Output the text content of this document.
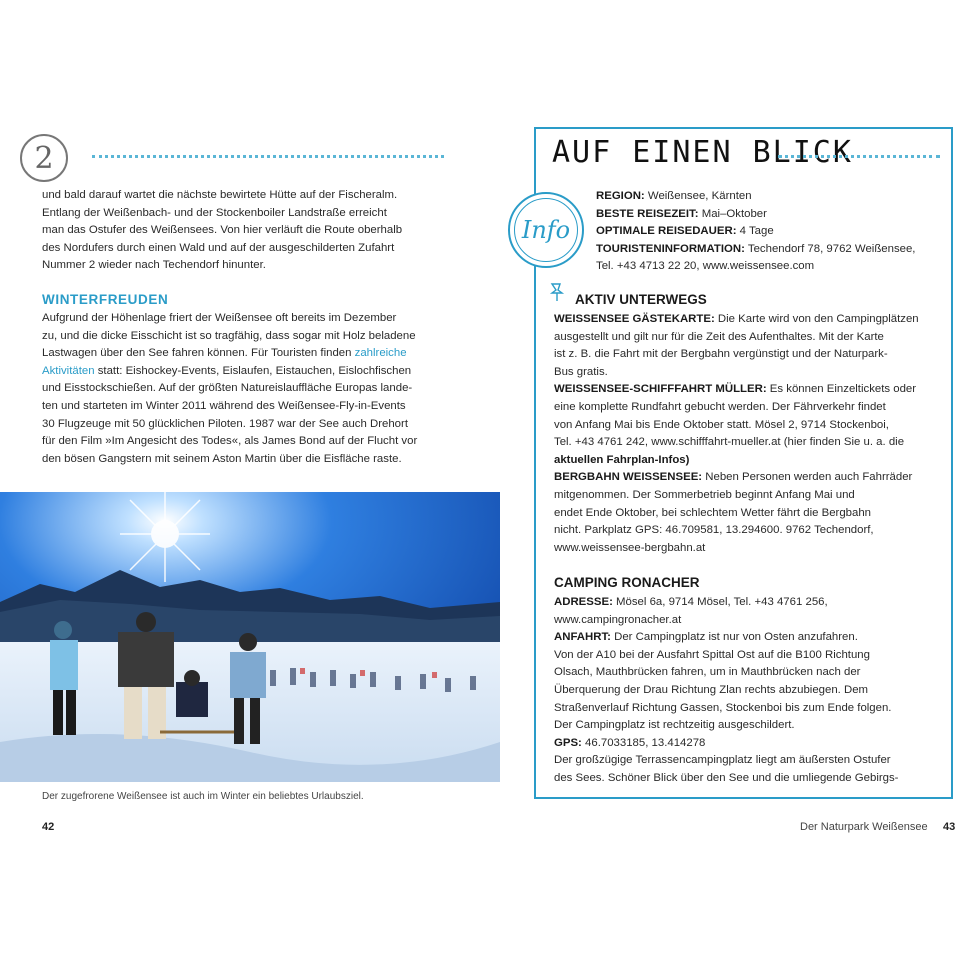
2

und bald darauf wartet die nächste bewirtete Hütte auf der Fischeralm.

Entlang der Weißenbach- und der Stockenboiler Landstraße erreicht

man das Ostufer des Weißensees. Von hier verläuft die Route oberhalb

des Nordufers durch einen Wald und auf der ausgeschilderten Zufahrt

Nummer 2 wieder nach Techendorf hinunter.

WINTERFREUDEN

Aufgrund der Höhenlage friert der Weißensee oft bereits im Dezember

zu, und die dicke Eisschicht ist so tragfähig, dass sogar mit Holz beladene

Lastwagen über den See fahren können. Für Touristen finden zahlreiche

Aktivitäten statt: Eishockey-Events, Eislaufen, Eistauchen, Eislochfischen

und Eisstockschießen. Auf der größten Natureislauffläche Europas lande-

ten und starteten im Winter 2011 während des Weißensee-Fly-in-Events

30 Flugzeuge mit 50 glücklichen Piloten. 1987 war der See auch Drehort

für den Film »Im Angesicht des Todes«, als James Bond auf der Flucht vor

den bösen Gangstern mit seinem Aston Martin über die Eisfläche raste.

Der zugefrorene Weißensee ist auch im Winter ein beliebtes Urlaubsziel.
42
AUF EINEN BLICK
Info

REGION: Weißensee, Kärnten

BESTE REISEZEIT: Mai–Oktober

OPTIMALE REISEDAUER: 4 Tage

TOURISTENINFORMATION: Techendorf 78, 9762 Weißensee,

Tel. +43 4713 22 20, www.weissensee.com

AKTIV UNTERWEGS

WEISSENSEE GÄSTEKARTE: Die Karte wird von den Campingplätzen

ausgestellt und gilt nur für die Zeit des Aufenthaltes. Mit der Karte

ist z. B. die Fahrt mit der Bergbahn vergünstigt und der Naturpark-

Bus gratis.

WEISSENSEE-SCHIFFFAHRT MÜLLER: Es können Einzeltickets oder

eine komplette Rundfahrt gebucht werden. Der Fährverkehr findet

von Anfang Mai bis Ende Oktober statt. Mösel 2, 9714 Stockenboi,

Tel. +43 4761 242, www.schifffahrt-mueller.at (hier finden Sie u. a. die

aktuellen Fahrplan-Infos)

BERGBAHN WEISSENSEE: Neben Personen werden auch Fahrräder

mitgenommen. Der Sommerbetrieb beginnt Anfang Mai und

endet Ende Oktober, bei schlechtem Wetter fährt die Bergbahn

nicht. Parkplatz GPS: 46.709581, 13.294600. 9762 Techendorf,

www.weissensee-bergbahn.at

CAMPING RONACHER

ADRESSE: Mösel 6a, 9714 Mösel, Tel. +43 4761 256,

www.campingronacher.at

ANFAHRT: Der Campingplatz ist nur von Osten anzufahren.

Von der A10 bei der Ausfahrt Spittal Ost auf die B100 Richtung

Olsach, Mauthbrücken fahren, um in Mauthbrücken nach der

Überquerung der Drau Richtung Zlan rechts abzubiegen. Dem

Straßenverlauf Richtung Gassen, Stockenboi bis zum Ende folgen.

Der Campingplatz ist rechtzeitig ausgeschildert.

GPS: 46.7033185, 13.414278

Der großzügige Terrassencampingplatz liegt am äußersten Ostufer

des Sees. Schöner Blick über den See und die umliegende Gebirgs-

Der Naturpark Weißensee 43
